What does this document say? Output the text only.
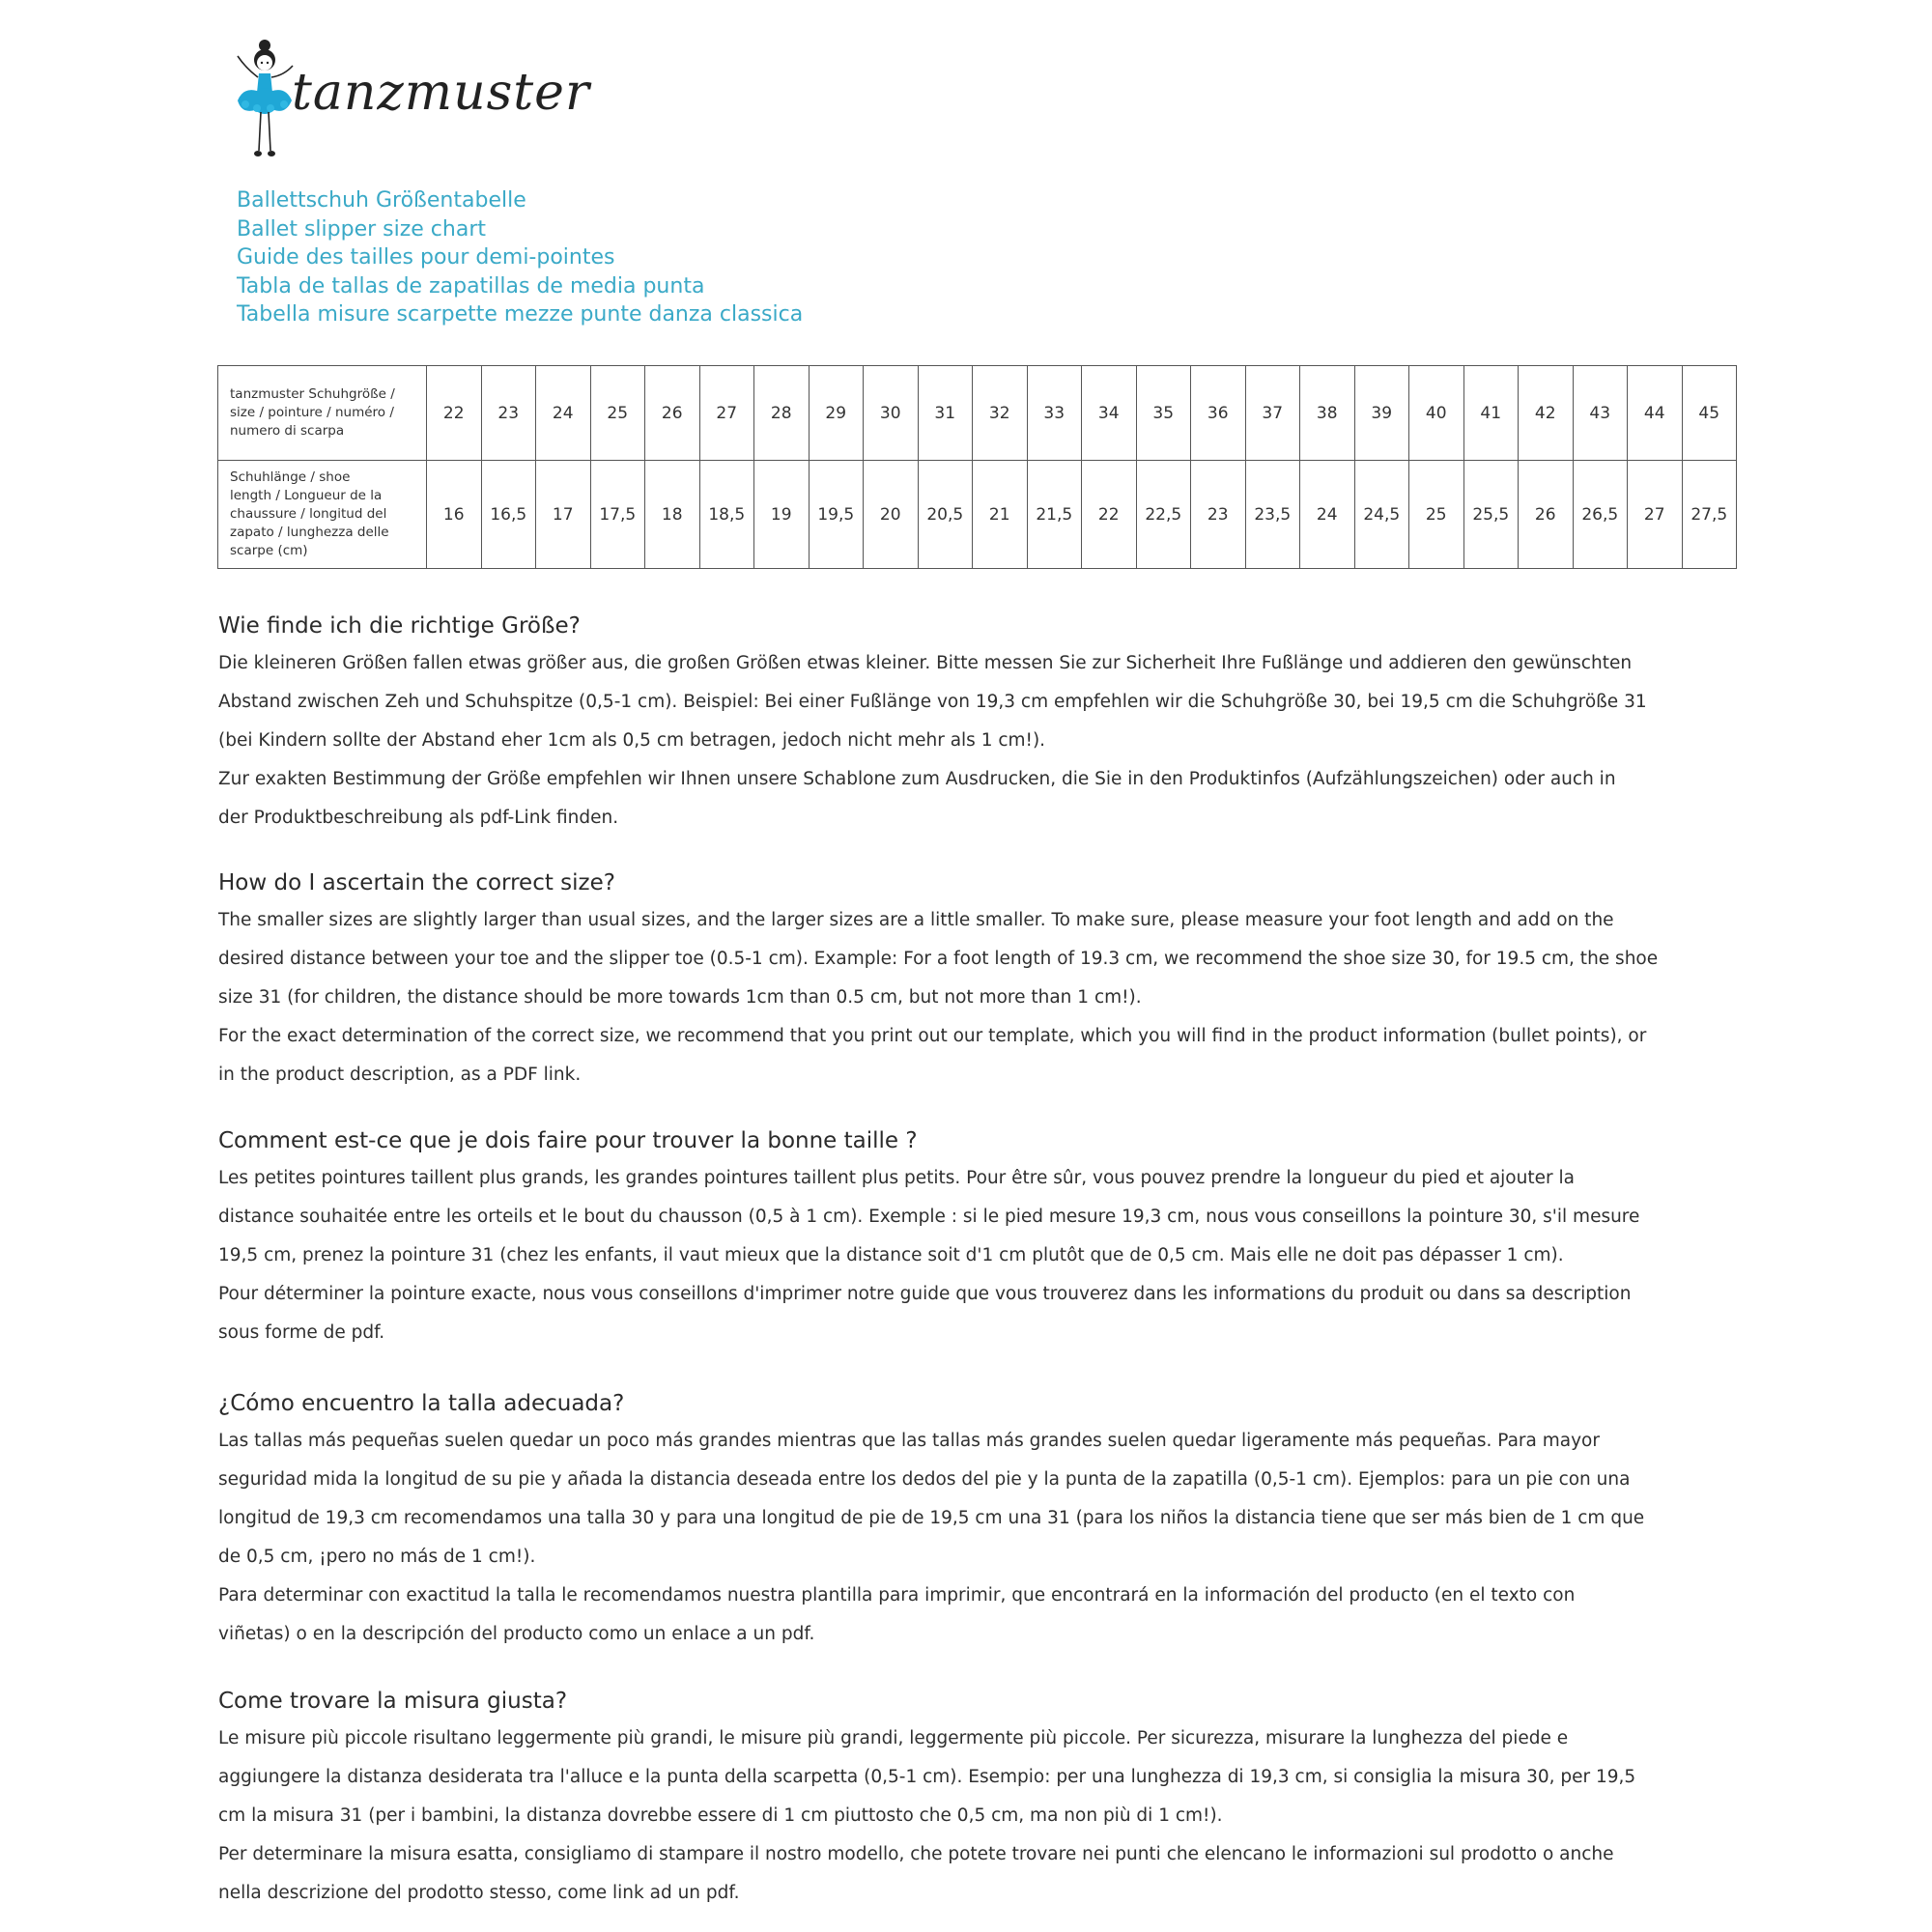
tanzmuster
Ballettschuh Größentabelle
Ballet slipper size chart
Guide des tailles pour demi-pointes
Tabla de tallas de zapatillas de media punta
Tabella misure scarpette mezze punte danza classica
tanzmuster Schuhgröße /
size / pointure / numéro /
numero di scarpa	22	23	24	25	26	27	28	29	30	31	32	33	34	35	36	37	38	39	40	41	42	43	44	45

Schuhlänge / shoe
length / Longueur de la
chaussure / longitud del
zapato / lunghezza delle
scarpe (cm)	16	16,5	17	17,5	18	18,5	19	19,5	20	20,5	21	21,5	22	22,5	23	23,5	24	24,5	25	25,5	26	26,5	27	27,5
Wie finde ich die richtige Größe?

Die kleineren Größen fallen etwas größer aus, die großen Größen etwas kleiner. Bitte messen Sie zur Sicherheit Ihre Fußlänge und addieren den gewünschten

Abstand zwischen Zeh und Schuhspitze (0,5-1 cm). Beispiel: Bei einer Fußlänge von 19,3 cm empfehlen wir die Schuhgröße 30, bei 19,5 cm die Schuhgröße 31

(bei Kindern sollte der Abstand eher 1cm als 0,5 cm betragen, jedoch nicht mehr als 1 cm!).

Zur exakten Bestimmung der Größe empfehlen wir Ihnen unsere Schablone zum Ausdrucken, die Sie in den Produktinfos (Aufzählungszeichen) oder auch in

der Produktbeschreibung als pdf-Link finden.

How do I ascertain the correct size?

The smaller sizes are slightly larger than usual sizes, and the larger sizes are a little smaller. To make sure, please measure your foot length and add on the

desired distance between your toe and the slipper toe (0.5-1 cm). Example: For a foot length of 19.3 cm, we recommend the shoe size 30, for 19.5 cm, the shoe

size 31 (for children, the distance should be more towards 1cm than 0.5 cm, but not more than 1 cm!).

For the exact determination of the correct size, we recommend that you print out our template, which you will find in the product information (bullet points), or

in the product description, as a PDF link.

Comment est-ce que je dois faire pour trouver la bonne taille ?

Les petites pointures taillent plus grands, les grandes pointures taillent plus petits. Pour être sûr, vous pouvez prendre la longueur du pied et ajouter la

distance souhaitée entre les orteils et le bout du chausson (0,5 à 1 cm). Exemple : si le pied mesure 19,3 cm, nous vous conseillons la pointure 30, s'il mesure

19,5 cm, prenez la pointure 31 (chez les enfants, il vaut mieux que la distance soit d'1 cm plutôt que de 0,5 cm. Mais elle ne doit pas dépasser 1 cm).

Pour déterminer la pointure exacte, nous vous conseillons d'imprimer notre guide que vous trouverez dans les informations du produit ou dans sa description

sous forme de pdf.

¿Cómo encuentro la talla adecuada?

Las tallas más pequeñas suelen quedar un poco más grandes mientras que las tallas más grandes suelen quedar ligeramente más pequeñas. Para mayor

seguridad mida la longitud de su pie y añada la distancia deseada entre los dedos del pie y la punta de la zapatilla (0,5-1 cm). Ejemplos: para un pie con una

longitud de 19,3 cm recomendamos una talla 30 y para una longitud de pie de 19,5 cm una 31 (para los niños la distancia tiene que ser más bien de 1 cm que

de 0,5 cm, ¡pero no más de 1 cm!).

Para determinar con exactitud la talla le recomendamos nuestra plantilla para imprimir, que encontrará en la información del producto (en el texto con

viñetas) o en la descripción del producto como un enlace a un pdf.

Come trovare la misura giusta?

Le misure più piccole risultano leggermente più grandi, le misure più grandi, leggermente più piccole. Per sicurezza, misurare la lunghezza del piede e

aggiungere la distanza desiderata tra l'alluce e la punta della scarpetta (0,5-1 cm). Esempio: per una lunghezza di 19,3 cm, si consiglia la misura 30, per 19,5

cm la misura 31 (per i bambini, la distanza dovrebbe essere di 1 cm piuttosto che 0,5 cm, ma non più di 1 cm!).

Per determinare la misura esatta, consigliamo di stampare il nostro modello, che potete trovare nei punti che elencano le informazioni sul prodotto o anche

nella descrizione del prodotto stesso, come link ad un pdf.
